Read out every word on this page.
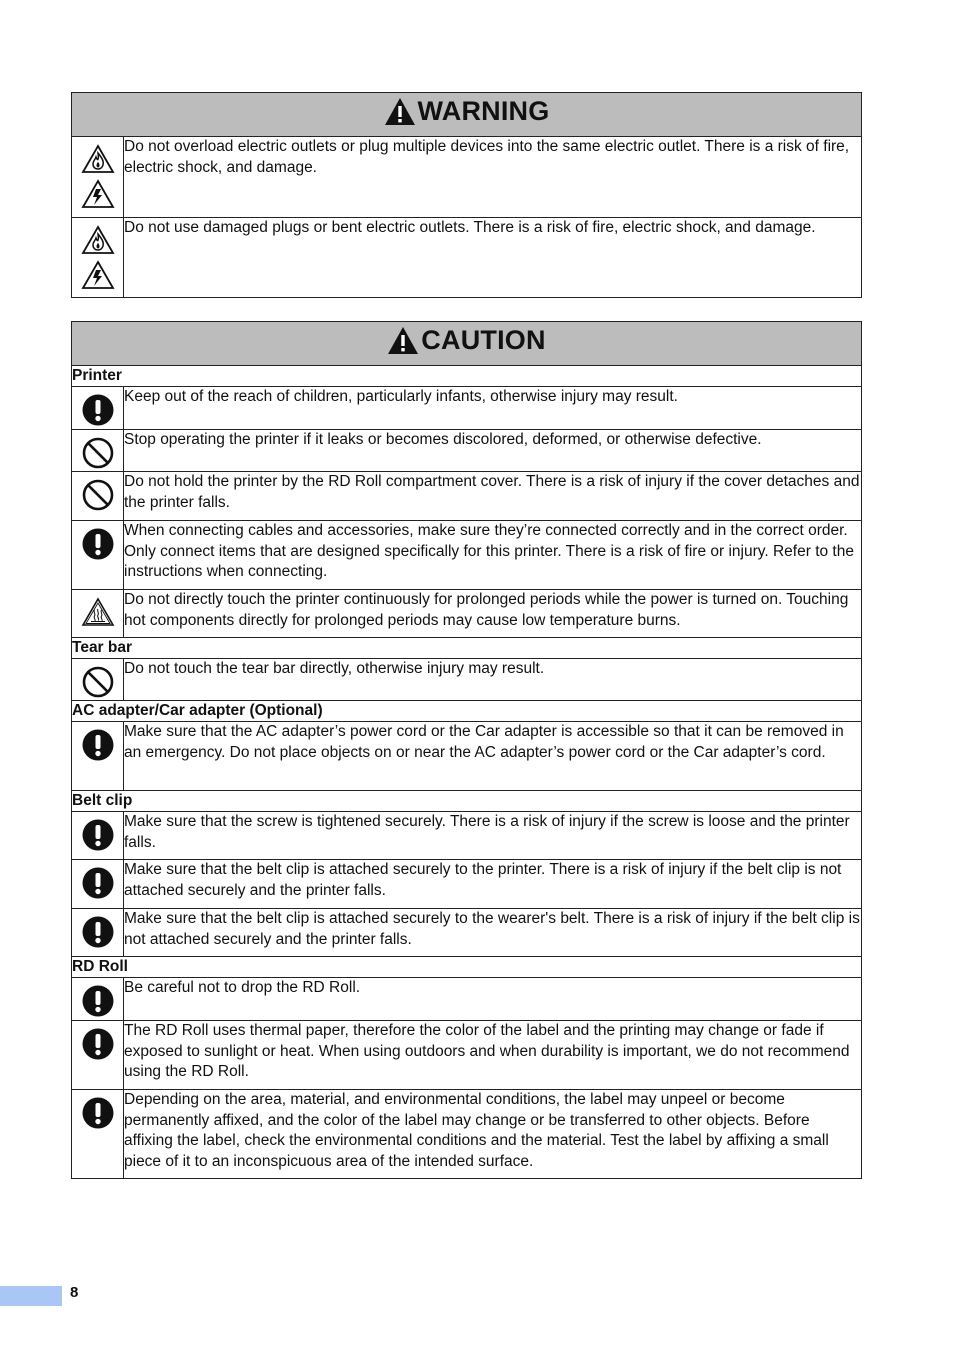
WARNING	

	Do not overload electric outlets or plug multiple devices into the same electric outlet. There is a risk of fire, electric shock, and damage.

	Do not use damaged plugs or bent electric outlets. There is a risk of fire, electric shock, and damage.
CAUTION	

Printer	

	Keep out of the reach of children, particularly infants, otherwise injury may result.

	Stop operating the printer if it leaks or becomes discolored, deformed, or otherwise defective.

	Do not hold the printer by the RD Roll compartment cover. There is a risk of injury if the cover detaches and the printer falls.

	When connecting cables and accessories, make sure they’re connected correctly and in the correct order. Only connect items that are designed specifically for this printer. There is a risk of fire or injury. Refer to the instructions when connecting.

	Do not directly touch the printer continuously for prolonged periods while the power is turned on. Touching hot components directly for prolonged periods may cause low temperature burns.
Tear bar	

	Do not touch the tear bar directly, otherwise injury may result.
AC adapter/Car adapter (Optional)	

	Make sure that the AC adapter’s power cord or the Car adapter is accessible so that it can be removed in an emergency. Do not place objects on or near the AC adapter’s power cord or the Car adapter’s cord.
Belt clip	

	Make sure that the screw is tightened securely. There is a risk of injury if the screw is loose and the printer falls.

	Make sure that the belt clip is attached securely to the printer. There is a risk of injury if the belt clip is not attached securely and the printer falls.

	Make sure that the belt clip is attached securely to the wearer's belt. There is a risk of injury if the belt clip is not attached securely and the printer falls.
RD Roll	

	Be careful not to drop the RD Roll.

	The RD Roll uses thermal paper, therefore the color of the label and the printing may change or fade if exposed to sunlight or heat. When using outdoors and when durability is important, we do not recommend using the RD Roll.

	Depending on the area, material, and environmental conditions, the label may unpeel or become permanently affixed, and the color of the label may change or be transferred to other objects. Before affixing the label, check the environmental conditions and the material. Test the label by affixing a small piece of it to an inconspicuous area of the intended surface.
8
